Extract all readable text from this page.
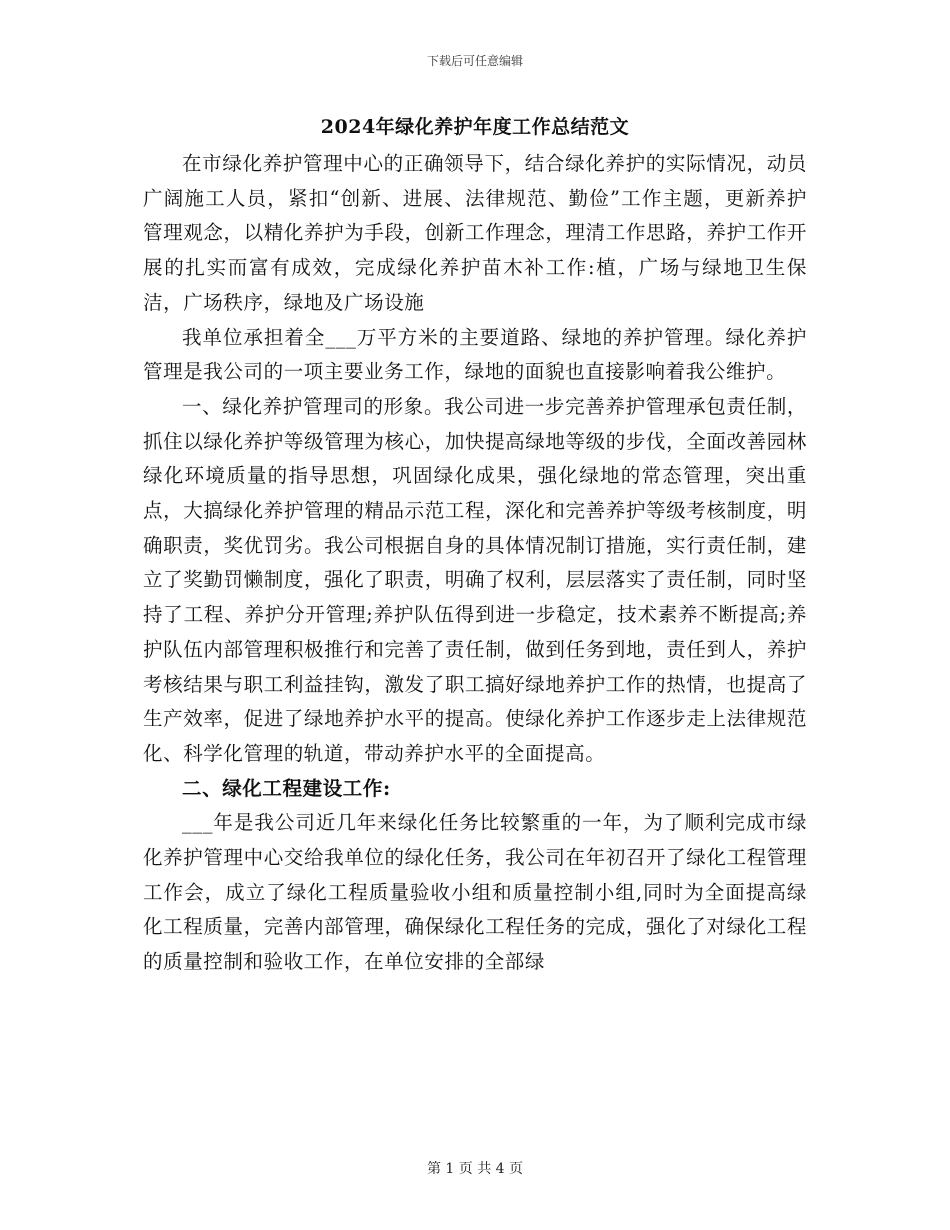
下载后可任意编辑
2024年绿化养护年度工作总结范文

在市绿化养护管理中心的正确领导下，结合绿化养护的实际情况，动员广阔施工人员，紧扣“创新、进展、法律规范、勤俭”工作主题，更新养护管理观念，以精化养护为手段，创新工作理念，理清工作思路，养护工作开展的扎实而富有成效，完成绿化养护苗木补工作:植，广场与绿地卫生保洁，广场秩序，绿地及广场设施

我单位承担着全___万平方米的主要道路、绿地的养护管理。绿化养护管理是我公司的一项主要业务工作，绿地的面貌也直接影响着我公维护。

一、绿化养护管理司的形象。我公司进一步完善养护管理承包责任制，抓住以绿化养护等级管理为核心，加快提高绿地等级的步伐，全面改善园林绿化环境质量的指导思想，巩固绿化成果，强化绿地的常态管理，突出重点，大搞绿化养护管理的精品示范工程，深化和完善养护等级考核制度，明确职责，奖优罚劣。我公司根据自身的具体情况制订措施，实行责任制，建立了奖勤罚懒制度，强化了职责，明确了权利，层层落实了责任制，同时坚持了工程、养护分开管理;养护队伍得到进一步稳定，技术素养不断提高;养护队伍内部管理积极推行和完善了责任制，做到任务到地，责任到人，养护考核结果与职工利益挂钩，激发了职工搞好绿地养护工作的热情，也提高了生产效率，促进了绿地养护水平的提高。使绿化养护工作逐步走上法律规范化、科学化管理的轨道，带动养护水平的全面提高。

二、绿化工程建设工作:

___年是我公司近几年来绿化任务比较繁重的一年，为了顺利完成市绿化养护管理中心交给我单位的绿化任务，我公司在年初召开了绿化工程管理工作会，成立了绿化工程质量验收小组和质量控制小组,同时为全面提高绿化工程质量，完善内部管理，确保绿化工程任务的完成，强化了对绿化工程的质量控制和验收工作，在单位安排的全部绿

第 1 页 共 4 页
